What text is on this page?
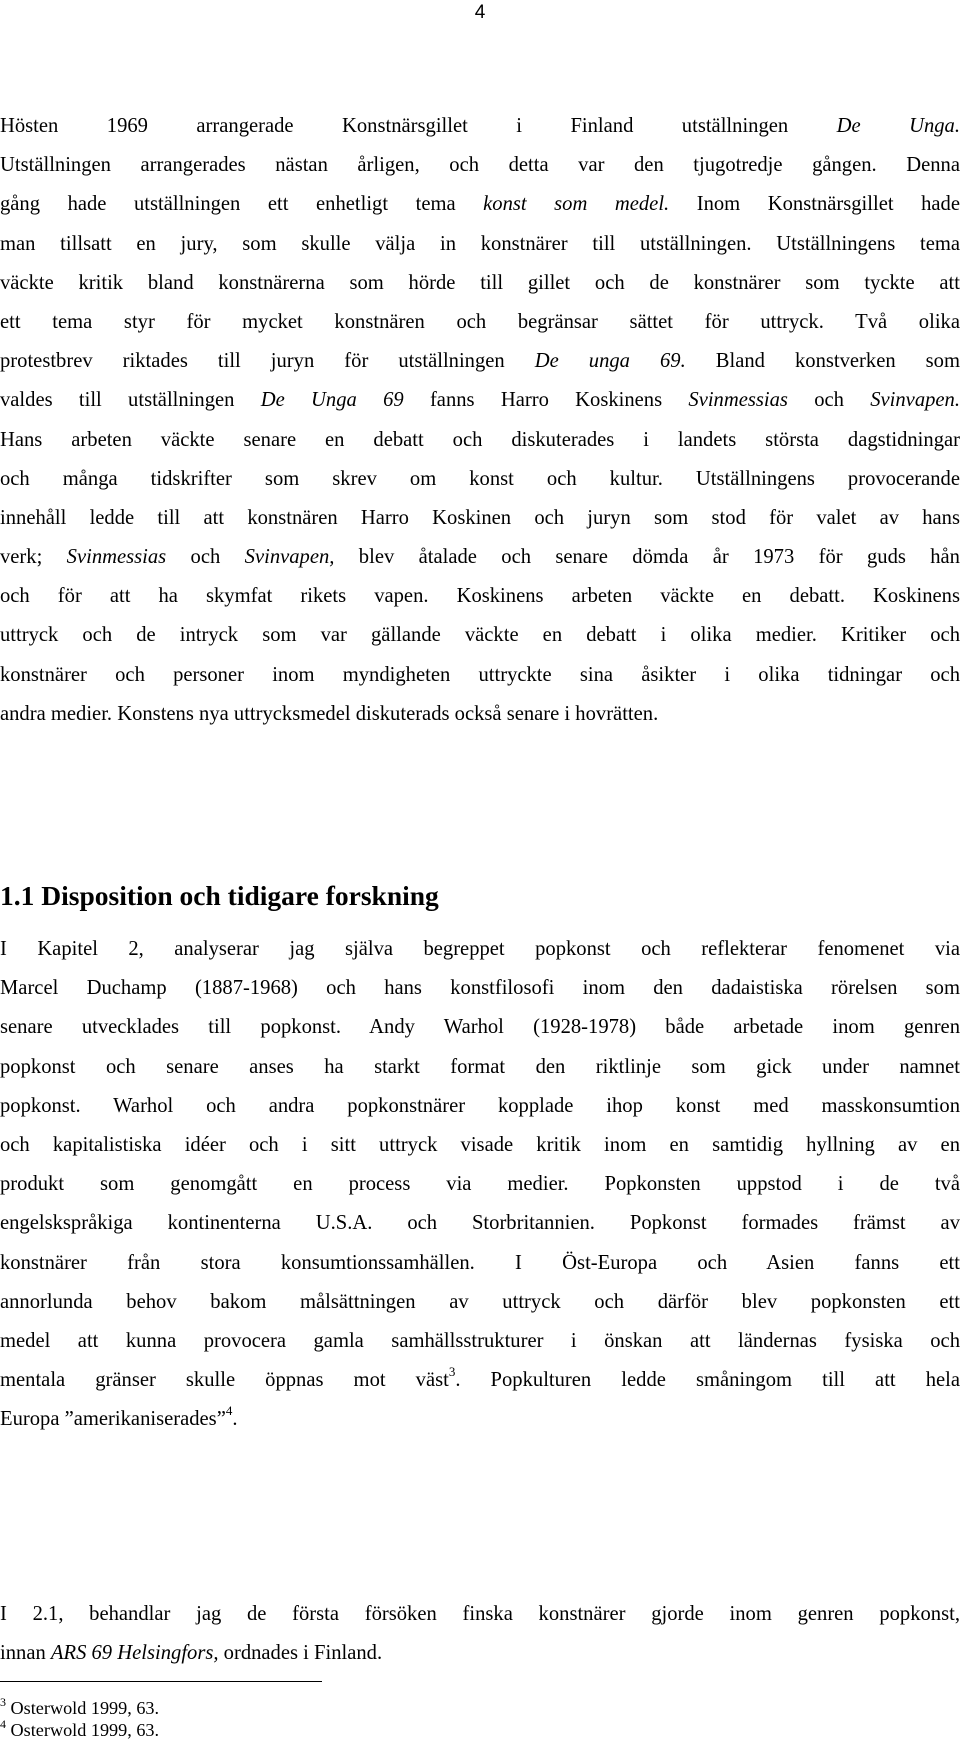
4
Hösten 1969 arrangerade Konstnärsgillet i Finland utställningen De Unga.
Utställningen arrangerades nästan årligen, och detta var den tjugotredje gången. Denna
gång hade utställningen ett enhetligt tema konst som medel. Inom Konstnärsgillet hade
man tillsatt en jury, som skulle välja in konstnärer till utställningen. Utställningens tema
väckte kritik bland konstnärerna som hörde till gillet och de konstnärer som tyckte att
ett tema styr för mycket konstnären och begränsar sättet för uttryck. Två olika
protestbrev riktades till juryn för utställningen De unga 69. Bland konstverken som
valdes till utställningen De Unga 69 fanns Harro Koskinens Svinmessias och Svinvapen.
Hans arbeten väckte senare en debatt och diskuterades i landets största dagstidningar
och många tidskrifter som skrev om konst och kultur. Utställningens provocerande
innehåll ledde till att konstnären Harro Koskinen och juryn som stod för valet av hans
verk; Svinmessias och Svinvapen, blev åtalade och senare dömda år 1973 för guds hån
och för att ha skymfat rikets vapen. Koskinens arbeten väckte en debatt. Koskinens
uttryck och de intryck som var gällande väckte en debatt i olika medier. Kritiker och
konstnärer och personer inom myndigheten uttryckte sina åsikter i olika tidningar och
andra medier. Konstens nya uttrycksmedel diskuterads också senare i hovrätten.
1.1 Disposition och tidigare forskning
I Kapitel 2, analyserar jag själva begreppet popkonst och reflekterar fenomenet via
Marcel Duchamp (1887-1968) och hans konstfilosofi inom den dadaistiska rörelsen som
senare utvecklades till popkonst. Andy Warhol (1928-1978) både arbetade inom genren
popkonst och senare anses ha starkt format den riktlinje som gick under namnet
popkonst. Warhol och andra popkonstnärer kopplade ihop konst med masskonsumtion
och kapitalistiska idéer och i sitt uttryck visade kritik inom en samtidig hyllning av en
produkt som genomgått en process via medier. Popkonsten uppstod i de två
engelskspråkiga kontinenterna U.S.A. och Storbritannien. Popkonst formades främst av
konstnärer från stora konsumtionssamhällen. I Öst-Europa och Asien fanns ett
annorlunda behov bakom målsättningen av uttryck och därför blev popkonsten ett
medel att kunna provocera gamla samhällsstrukturer i önskan att ländernas fysiska och
mentala gränser skulle öppnas mot väst$^3$. Popkulturen ledde småningom till att hela
Europa ”amerikaniserades”$^4$.
I 2.1, behandlar jag de första försöken finska konstnärer gjorde inom genren popkonst,
innan ARS 69 Helsingfors, ordnades i Finland.
$^3$ Osterwold 1999, 63.
$^4$ Osterwold 1999, 63.
